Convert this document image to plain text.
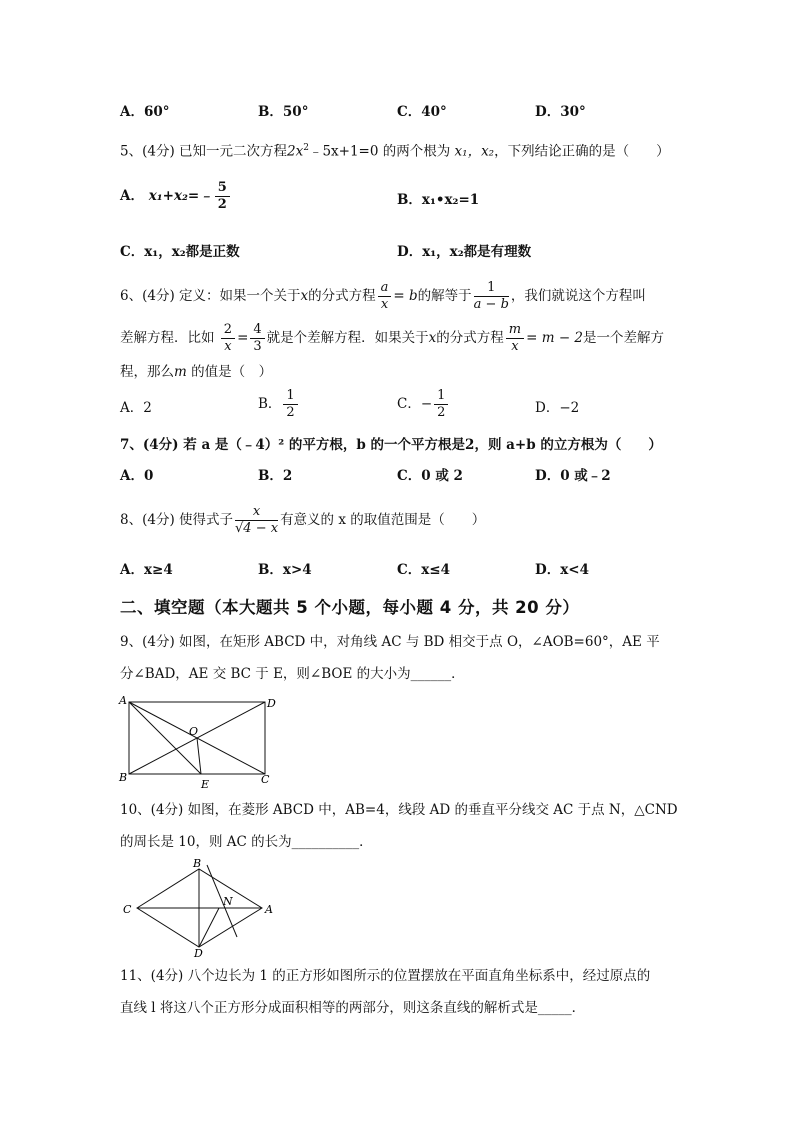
A．60°	B．50°	C．40°	D．30°
5、(4分) 已知一元二次方程$2x^2﹣5x+1=0$ 的两个根为 x₁，x₂，下列结论正确的是（　　）
A． x₁+x₂=﹣ $\frac{5}{2}$	B．x₁•x₂=1
C．x₁，x₂都是正数	D．x₁，x₂都是有理数
6、(4分) 定义：如果一个关于x的分式方程 $\frac{a}{x} = b$的解等于 $\frac{1}{a - b}$ ，我们就说这个方程叫
差解方程．比如 $\frac{2}{x} = \frac{4}{3}$ 就是个差解方程．如果关于x的分式方程 $\frac{m}{x} = m - 2$是一个差解方
程，那么m 的值是（　）
A．2	B． $\frac{1}{2}$	C．− $\frac{1}{2}$	D．−2
7、(4分) 若 a 是（﹣4）² 的平方根，b 的一个平方根是2，则 a+b 的立方根为（　　）
A．0	B．2	C．0 或 2	D．0 或﹣2
8、(4分) 使得式子 $\frac{x}{√4 - x}$ 有意义的 x 的取值范围是（　　）
A．x≥4	B．x>4	C．x≤4	D．x<4
二、填空题（本大题共 5 个小题，每小题 4 分，共 20 分）
9、(4分) 如图，在矩形 ABCD 中，对角线 AC 与 BD 相交于点 O，∠AOB=60°，AE 平
分∠BAD，AE 交 BC 于 E，则∠BOE 的大小为______．
A	D
O
B
E	C
10、(4分) 如图，在菱形 ABCD 中，AB=4，线段 AD 的垂直平分线交 AC 于点 N，△CND
的周长是 10，则 AC 的长为__________．
B
N
C	A
D
11、(4分) 八个边长为 1 的正方形如图所示的位置摆放在平面直角坐标系中，经过原点的
直线 l 将这八个正方形分成面积相等的两部分，则这条直线的解析式是_____．
